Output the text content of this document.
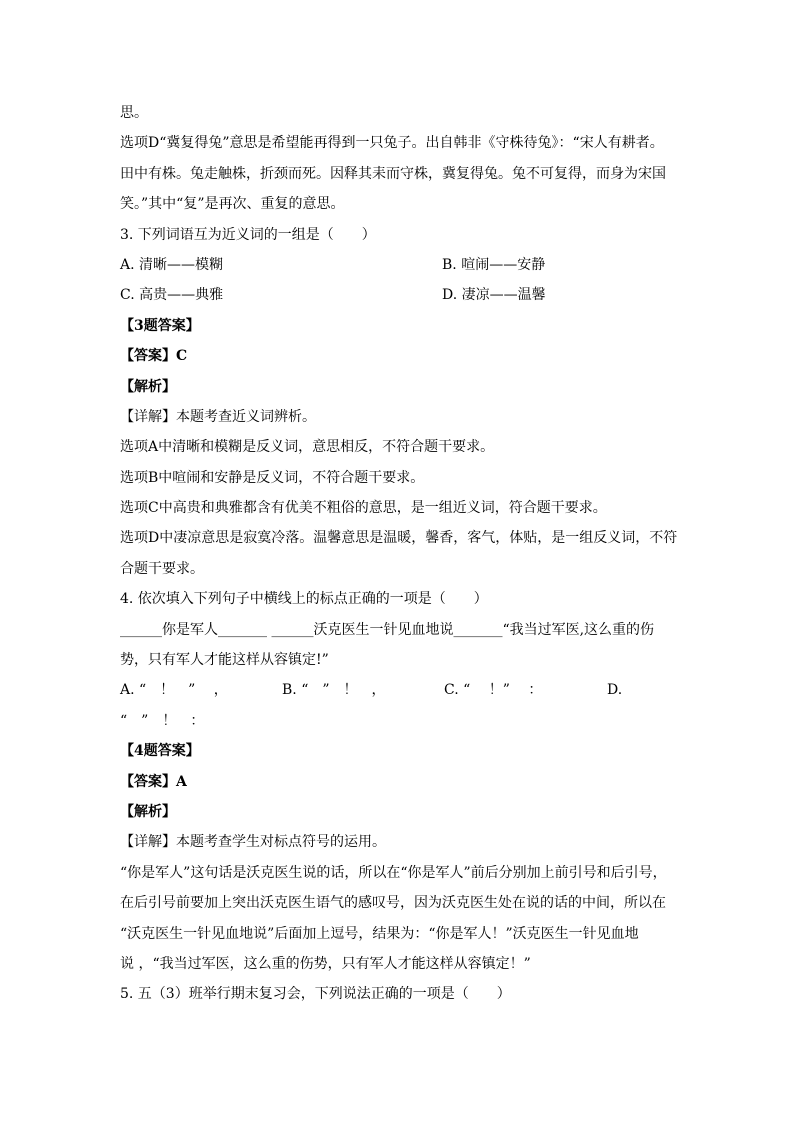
思。
选项D“冀复得兔”意思是希望能再得到一只兔子。出自韩非《守株待兔》：“宋人有耕者。
田中有株。兔走触株，折颈而死。因释其耒而守株，冀复得兔。兔不可复得，而身为宋国
笑。”其中“复”是再次、重复的意思。
3. 下列词语互为近义词的一组是（　　）
A. 清晰——模糊	B. 喧闹——安静
C. 高贵——典雅	D. 凄凉——温馨
【3题答案】
【答案】C
【解析】
【详解】本题考查近义词辨析。
选项A中清晰和模糊是反义词，意思相反，不符合题干要求。
选项B中喧闹和安静是反义词，不符合题干要求。
选项C中高贵和典雅都含有优美不粗俗的意思，是一组近义词，符合题干要求。
选项D中凄凉意思是寂寞冷落。温馨意思是温暖，馨香，客气，体贴，是一组反义词，不符
合题干要求。
4. 依次填入下列句子中横线上的标点正确的一项是（　　）
______你是军人_______ ______沃克医生一针见血地说_______“我当过军医,这么重的伤
势，只有军人才能这样从容镇定!”
A. “　！　”　 ，	B. “　”　！　，	C. “　 ！”　 ：	D.
“　”　！　：
【4题答案】
【答案】A
【解析】
【详解】本题考查学生对标点符号的运用。
“你是军人”这句话是沃克医生说的话，所以在“你是军人”前后分别加上前引号和后引号，
在后引号前要加上突出沃克医生语气的感叹号，因为沃克医生处在说的话的中间，所以在
“沃克医生一针见血地说”后面加上逗号，结果为：“你是军人！”沃克医生一针见血地
说 ，“我当过军医，这么重的伤势，只有军人才能这样从容镇定！”
5. 五（3）班举行期末复习会，下列说法正确的一项是（　　）
